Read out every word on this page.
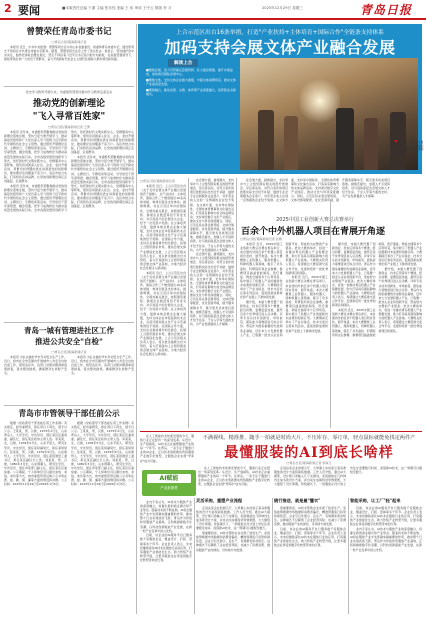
2 要闻	■本版责任总编 于潇 主编 张乐钰 美编 王 伟 审读 王中云 排版 李 习	2025年12月29日 星期三	青岛日报
曾赞荣任青岛市委书记
□青岛日报/观海新闻记者

本报讯 近日，中共中央批准：曾赞荣同志任中共山东省委委员、常委和青岛市委书记；陆治原同志不再担任中共青岛市委书记职务。据悉，曾赞荣同志在会上作了表态发言。他表示，坚决拥护党中央决定，始终把讲政治摆在首位，坚定不移沿着习近平总书记指引的方向前进，在省委坚强领导下，团结带领全市广大党员干部群众，奋力开创新时代社会主义现代化国际大都市建设新局面。

党史学习教育开展以来，市委组织部坚持推动学习教育走深走实
推动党的创新理论
"飞入寻常百姓家"
□青岛日报/观海新闻记者 王勇

本报讯 近年来，市委组织部聚焦推动党的创新理论落地生根，坚持分层分类开展学习，推动基层党组织和广大党员深入学习贯彻习近平新时代中国特色社会主义思想。通过组织开展理论宣讲、主题党日、专题培训等活动，引导党员干部学深悟透、融会贯通，把学习成效转化为推动高质量发展的实际行动。全市各级党组织创新学习形式，依托新时代文明实践中心、党群服务中心等阵地，组织宣讲团深入社区、企业、农村开展宣讲，用群众听得懂的语言讲清楚党的创新理论，推动理论宣讲覆盖千家万户。各区市结合实际，打造特色宣讲品牌，让党的创新理论真正走进基层、走进群众。

本报讯 近年来，市委组织部聚焦推动党的创新理论落地生根，坚持分层分类开展学习，推动基层党组织和广大党员深入学习贯彻习近平新时代中国特色社会主义思想。通过组织开展理论宣讲、主题党日、专题培训等活动，引导党员干部学深悟透、融会贯通，把学习成效转化为推动高质量发展的实际行动。全市各级党组织创新学习形式，依托新时代文明实践中心、党群服务中心等阵地，组织宣讲团深入社区、企业、农村开展宣讲，用群众听得懂的语言讲清楚党的创新理论，推动理论宣讲覆盖千家万户。各区市结合实际，打造特色宣讲品牌，让党的创新理论真正走进基层、走进群众。

本报讯 近年来，市委组织部聚焦推动党的创新理论落地生根，坚持分层分类开展学习，推动基层党组织和广大党员深入学习贯彻习近平新时代中国特色社会主义思想。通过组织开展理论宣讲、主题党日、专题培训等活动，引导党员干部学深悟透、融会贯通，把学习成效转化为推动高质量发展的实际行动。全市各级党组织创新学习形式，依托新时代文明实践中心、党群服务中心等阵地，组织宣讲团深入社区、企业、农村开展宣讲，用群众听得懂的语言讲清楚党的创新理论，推动理论宣讲覆盖千家万户。各区市结合实际，打造特色宣讲品牌，让党的创新理论真正走进基层、走进群众。

青岛一城有管理进社区工作
推进公共安全"自检"
□青岛日报/观海新闻记者

本报讯 为扎实做好岁末年初安全生产工作，近日，我市在全市范围内开展城市公共安全自检自查工作，组织各区市、各部门对照问题清单逐项排查，落实整改措施，确保群众生命财产安全。

本报讯 为扎实做好岁末年初安全生产工作，近日，我市在全市范围内开展城市公共安全自检自查工作，组织各区市、各部门对照问题清单逐项排查，落实整改措施，确保群众生命财产安全。

青岛市市管领导干部任前公示

根据《党政领导干部选拔任用工作条例》有关规定，经市委研究，拟任用以下同志，现予以公示。王某某，男，汉族，1975年2月生，山东青岛人，大学学历，中共党员，现任某区区委常委、副区长，拟任某区政协主席人选。李某某，女，汉族，1978年5月生，山东平度人，研究生学历，中共党员，现任某局副局长，拟任某局局长。张某某，男，汉族，1976年9月生，山东胶州人，大学学历，中共党员，现任某街道党工委书记，拟任某区副区长人选。刘某某，男，汉族，1980年3月生，山东即墨人，研究生学历，中共党员，现任市某部门副主任，拟任某区区委常委。公示期间，个人和单位可以通过来电、来信、来访等方式，向市委组织部反映公示对象在德、能、勤、绩、廉等方面的情况和问题。公示时间：2025年12月29日至2026年1月5日。

根据《党政领导干部选拔任用工作条例》有关规定，经市委研究，拟任用以下同志，现予以公示。王某某，男，汉族，1975年2月生，山东青岛人，大学学历，中共党员，现任某区区委常委、副区长，拟任某区政协主席人选。李某某，女，汉族，1978年5月生，山东平度人，研究生学历，中共党员，现任某局副局长，拟任某局局长。张某某，男，汉族，1976年9月生，山东胶州人，大学学历，中共党员，现任某街道党工委书记，拟任某区副区长人选。刘某某，男，汉族，1980年3月生，山东即墨人，研究生学历，中共党员，现任市某部门副主任，拟任某区区委常委。公示期间，个人和单位可以通过来电、来信、来访等方式，向市委组织部反映公示对象在德、能、勤、绩、廉等方面的情况和问题。公示时间：2025年12月29日至2026年1月5日。

上合示范区出台16条举措，打造"产业扶持+主体培育+国际合作"全链条支持体系
加码支持会展文体产业融合发展
解读上合

■聚焦会展，着力引育重点会展机构、壮大展会规模、提升办展品质，加快建设国际会展中心。

■聚焦文体，支持文体企业做大做强，丰富文体消费场景，推动文体产业高质量发展。

■聚焦融合，推动会展、文旅、体育等产业深度融合，培育新业态新模式。

▲ 近日，在第十九届上合示范区举办的某展会现场，参观者在展区体验数字化产品。
□青岛日报/观海新闻记者

本报讯 近日，上合示范区出台《关于支持会展文体产业融合发展的若干措施》，从产业扶持、主体培育、国际合作三个维度提出16条具体举措，构建全链条支持体系。措施明确，对在示范区举办的国际性、全国性重点展会，按照展览面积、参展企业数量等给予资金支持；对引进落户的会展龙头企业，给予一次性落户奖励。在主体培育方面，鼓励本地会展企业做大做强，支持文体企业申报高新技术企业，对获评国家级文化产业示范基地的给予奖励。在国际合作方面，支持企业参加境外知名展会，拓展上合组织国家市场，推动会展文体产业国际化发展。上合示范区相关负责人表示，将以此次措施出台为契机，着力打造面向上合组织国家的会展文体产业高地，为地方经济社会发展注入新动能。

本报讯 近日，上合示范区出台《关于支持会展文体产业融合发展的若干措施》，从产业扶持、主体培育、国际合作三个维度提出16条具体举措，构建全链条支持体系。措施明确，对在示范区举办的国际性、全国性重点展会，按照展览面积、参展企业数量等给予资金支持；对引进落户的会展龙头企业，给予一次性落户奖励。在主体培育方面，鼓励本地会展企业做大做强，支持文体企业申报高新技术企业，对获评国家级文化产业示范基地的给予奖励。在国际合作方面，支持企业参加境外知名展会，拓展上合组织国家市场，推动会展文体产业国际化发展。上合示范区相关负责人表示，将以此次措施出台为契机，着力打造面向上合组织国家的会展文体产业高地，为地方经济社会发展注入新动能。

在会展方面，措施提出，支持举办与上合组织国家相关的经贸类展会、论坛等活动，对符合条件的项目按照实际支出给予补贴；鼓励专业会展服务企业落户，对年营业收入达到一定规模的企业给予奖励。在文体方面，支持举办国际性、全国性体育赛事和文化演出活动，打造具有影响力的文体品牌活动；支持建设数字文化产业园区，推动文化与科技深度融合。同时，示范区将完善会展场馆、文体设施等配套，优化营商环境，提升服务保障水平，吸引更多优质项目落地。措施还提出，加强人才引进和培养，对引进的高层次会展文体人才给予住房、子女入学等方面的支持，为产业发展提供人才保障。

在会展方面，措施提出，支持举办与上合组织国家相关的经贸类展会、论坛等活动，对符合条件的项目按照实际支出给予补贴；鼓励专业会展服务企业落户，对年营业收入达到一定规模的企业给予奖励。在文体方面，支持举办国际性、全国性体育赛事和文化演出活动，打造具有影响力的文体品牌活动；支持建设数字文化产业园区，推动文化与科技深度融合。同时，示范区将完善会展场馆、文体设施等配套，优化营商环境，提升服务保障水平，吸引更多优质项目落地。措施还提出，加强人才引进和培养，对引进的高层次会展文体人才给予住房、子女入学等方面的支持，为产业发展提供人才保障。

在会展方面，措施提出，支持举办与上合组织国家相关的经贸类展会、论坛等活动，对符合条件的项目按照实际支出给予补贴；鼓励专业会展服务企业落户，对年营业收入达到一定规模的企业给予奖励。在文体方面，支持举办国际性、全国性体育赛事和文化演出活动，打造具有影响力的文体品牌活动；支持建设数字文化产业园区，推动文化与科技深度融合。同时，示范区将完善会展场馆、文体设施等配套，优化营商环境，提升服务保障水平，吸引更多优质项目落地。措施还提出，加强人才引进和培养，对引进的高层次会展文体人才给予住房、子女入学等方面的支持，为产业发展提供人才保障。

2025中国工业创新大赛总决赛举行
百余个中外机器人项目在青展开角逐
□青岛日报/观海新闻记者 张帆

本报讯 近日，2025中国工业创新大赛总决赛在青岛举行，来自国内外的百余个机器人项目同台竞技、展开角逐。本次大赛聚焦工业机器人、服务机器人、特种机器人等领域，吸引了众多高校、科研院所和企业参赛。参赛项目涵盖智能制造、医疗康复、物流仓储等多个应用场景，集中展示了机器人产业的最新技术成果和创新应用。大赛期间还举办了产业对接会、技术交流论坛等系列活动，促进创新成果转化和产业链上下游协同发展。

据介绍，本届大赛设置了创新创业、技术应用等多个赛道，经过初赛、复赛层层选拔，最终百余个优秀项目进入总决赛。评审专家从技术创新性、市场前景、团队能力等维度进行综合评价。青岛作为国家重要的先进制造业基地，近年来大力发展机器人产业，已集聚一批龙头企业和创新平台，形成较为完整的产业链条。此次大赛的举办，将进一步推动青岛机器人产业集聚发展，助力打造具有国际影响力的机器人产业高地。大赛相关负责人表示，希望通过大赛搭建交流合作平台，发现和培育一批优秀创新项目和团队。

本报讯 近日，2025中国工业创新大赛总决赛在青岛举行，来自国内外的百余个机器人项目同台竞技、展开角逐。本次大赛聚焦工业机器人、服务机器人、特种机器人等领域，吸引了众多高校、科研院所和企业参赛。参赛项目涵盖智能制造、医疗康复、物流仓储等多个应用场景，集中展示了机器人产业的最新技术成果和创新应用。大赛期间还举办了产业对接会、技术交流论坛等系列活动，促进创新成果转化和产业链上下游协同发展。

据介绍，本届大赛设置了创新创业、技术应用等多个赛道，经过初赛、复赛层层选拔，最终百余个优秀项目进入总决赛。评审专家从技术创新性、市场前景、团队能力等维度进行综合评价。青岛作为国家重要的先进制造业基地，近年来大力发展机器人产业，已集聚一批龙头企业和创新平台，形成较为完整的产业链条。此次大赛的举办，将进一步推动青岛机器人产业集聚发展，助力打造具有国际影响力的机器人产业高地。大赛相关负责人表示，希望通过大赛搭建交流合作平台，发现和培育一批优秀创新项目和团队。

本报讯 近日，2025中国工业创新大赛总决赛在青岛举行，来自国内外的百余个机器人项目同台竞技、展开角逐。本次大赛聚焦工业机器人、服务机器人、特种机器人等领域，吸引了众多高校、科研院所和企业参赛。参赛项目涵盖智能制造、医疗康复、物流仓储等多个应用场景，集中展示了机器人产业的最新技术成果和创新应用。大赛期间还举办了产业对接会、技术交流论坛等系列活动，促进创新成果转化和产业链上下游协同发展。

据介绍，本届大赛设置了创新创业、技术应用等多个赛道，经过初赛、复赛层层选拔，最终百余个优秀项目进入总决赛。评审专家从技术创新性、市场前景、团队能力等维度进行综合评价。青岛作为国家重要的先进制造业基地，近年来大力发展机器人产业，已集聚一批龙头企业和创新平台，形成较为完整的产业链条。此次大赛的举办，将进一步推动青岛机器人产业集聚发展，助力打造具有国际影响力的机器人产业高地。大赛相关负责人表示，希望通过大赛搭建交流合作平台，发现和培育一批优秀创新项目和团队。

不满视线、精准推、随手一拍就是时尚大片，不压库存、零订单，轻点鼠标就能免找定两件产
最懂服装的AI到底长啥样
□青岛日报/观海新闻记者 李海玉

在人工智能技术快速发展的今天，服装行业正在经历一场深刻变革。从设计、生产到销售，AI技术正在重塑服装产业的每一个环节。在青岛，一家专注于服装行业的AI企业，正以技术创新推动传统服装产业数字化转型，让服装企业实现"零库存"成为可能。

AI赋能
产业新图景

在人工智能技术快速发展的今天，服装行业正在经历一场深刻变革。从设计、生产到销售，AI技术正在重塑服装产业的每一个环节。在青岛，一家专注于服装行业的AI企业，正以技术创新推动传统服装产业数字化转型，让服装企业实现"零库存"成为可能。

走进这家企业的展示厅，大屏幕上实时显示着各类服装的设计方案和销售数据。工作人员介绍，通过AI大模型，设计师只需输入几个关键词，系统就能在几秒钟内生成多款设计方案，并自动生成模特试穿效果图，大大缩短了设计周期。传统模式下，一款服装从设计到上市往往需要数月时间，而借助AI技术，这一周期可以缩短至数天。

业内专家认为，AI技术与服装产业的深度融合，将催生新的商业模式和产业形态。随着技术的不断成熟，AI将在服装产业中发挥越来越重要的作用，推动整个行业实现质的飞跃。青岛作为传统纺织服装产业基地，正积极拥抱数字化浪潮，以科技创新赋能产业发展，在新一轮产业变革中抢占先机。

目前，该企业的AI服务平台已服务数千家服装企业，覆盖设计、打版、营销等多个环节。企业负责人表示，未来将继续深化AI技术在服装行业的应用，打造服装产业智能化生态，助力传统产业转型升级，让更多服装企业享受到数字化转型带来的红利。

灵活采购，重塑产业流程

走进这家企业的展示厅，大屏幕上实时显示着各类服装的设计方案和销售数据。工作人员介绍，通过AI大模型，设计师只需输入几个关键词，系统就能在几秒钟内生成多款设计方案，并自动生成模特试穿效果图，大大缩短了设计周期。传统模式下，一款服装从设计到上市往往需要数月时间，而借助AI技术，这一周期可以缩短至数天。

更重要的是，AI技术帮助企业实现了按需生产。系统能够根据市场数据和消费者偏好，精准预测流行趋势和销售量，企业可以先展示、后生产，有效避免库存积压。这种模式不仅降低了企业经营风险，也减少了资源浪费，推动服装产业向绿色、可持续方向发展。

随行推送，就是最"懂衣"

更重要的是，AI技术帮助企业实现了按需生产。系统能够根据市场数据和消费者偏好，精准预测流行趋势和销售量，企业可以先展示、后生产，有效避免库存积压。这种模式不仅降低了企业经营风险，也减少了资源浪费，推动服装产业向绿色、可持续方向发展。

目前，该企业的AI服务平台已服务数千家服装企业，覆盖设计、打版、营销等多个环节。企业负责人表示，未来将继续深化AI技术在服装行业的应用，打造服装产业智能化生态，助力传统产业转型升级，让更多服装企业享受到数字化转型带来的红利。

智能采购，让工厂"轻"起来

目前，该企业的AI服务平台已服务数千家服装企业，覆盖设计、打版、营销等多个环节。企业负责人表示，未来将继续深化AI技术在服装行业的应用，打造服装产业智能化生态，助力传统产业转型升级，让更多服装企业享受到数字化转型带来的红利。

业内专家认为，AI技术与服装产业的深度融合，将催生新的商业模式和产业形态。随着技术的不断成熟，AI将在服装产业中发挥越来越重要的作用，推动整个行业实现质的飞跃。青岛作为传统纺织服装产业基地，正积极拥抱数字化浪潮，以科技创新赋能产业发展，在新一轮产业变革中抢占先机。
